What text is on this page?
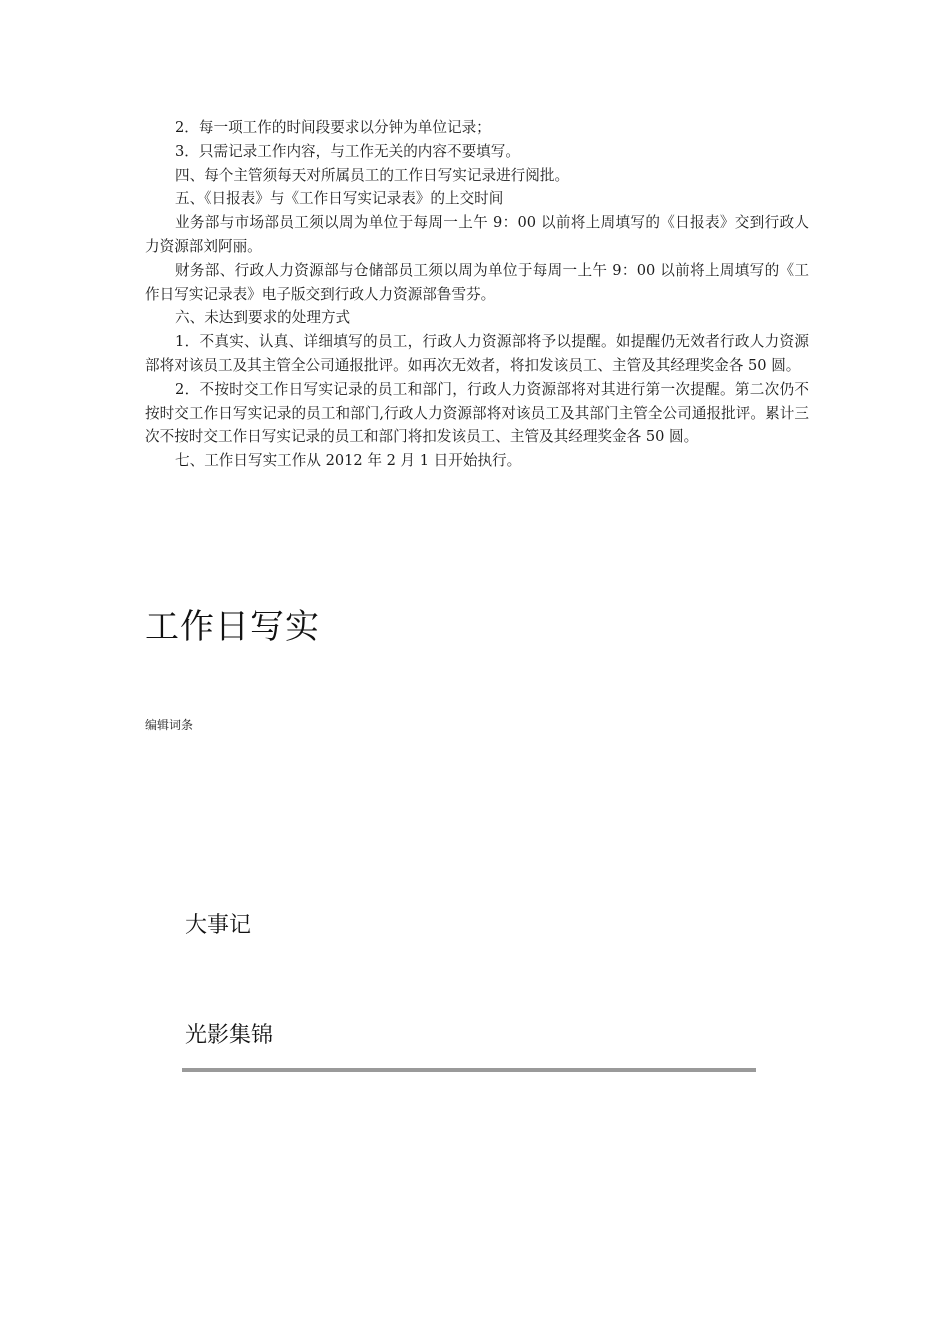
2．每一项工作的时间段要求以分钟为单位记录；

3．只需记录工作内容，与工作无关的内容不要填写。

四、每个主管须每天对所属员工的工作日写实记录进行阅批。

五、《日报表》与《工作日写实记录表》的上交时间

业务部与市场部员工须以周为单位于每周一上午 9：00 以前将上周填写的《日报表》交到行政人力资源部刘阿丽。

财务部、行政人力资源部与仓储部员工须以周为单位于每周一上午 9：00 以前将上周填写的《工作日写实记录表》电子版交到行政人力资源部鲁雪芬。

六、未达到要求的处理方式

1．不真实、认真、详细填写的员工，行政人力资源部将予以提醒。如提醒仍无效者行政人力资源部将对该员工及其主管全公司通报批评。如再次无效者，将扣发该员工、主管及其经理奖金各 50 圆。

2．不按时交工作日写实记录的员工和部门，行政人力资源部将对其进行第一次提醒。第二次仍不按时交工作日写实记录的员工和部门,行政人力资源部将对该员工及其部门主管全公司通报批评。累计三次不按时交工作日写实记录的员工和部门将扣发该员工、主管及其经理奖金各 50 圆。

七、工作日写实工作从 2012 年 2 月 1 日开始执行。

工作日写实
编辑词条
大事记
光影集锦
